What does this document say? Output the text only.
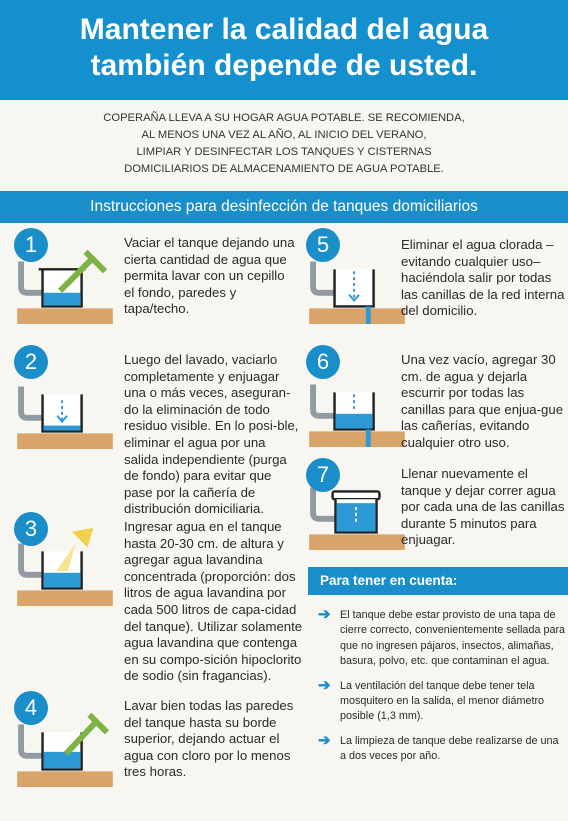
Mantener la calidad del agua
también depende de usted.
COPERAÑA LLEVA A SU HOGAR AGUA POTABLE. SE RECOMIENDA,
AL MENOS UNA VEZ AL AÑO, AL INICIO DEL VERANO,
LIMPIAR Y DESINFECTAR LOS TANQUES Y CISTERNAS
DOMICILIARIOS DE ALMACENAMIENTO DE AGUA POTABLE.
Instrucciones para desinfección de tanques domiciliarios
1	Vaciar el tanque dejando una cierta cantidad de agua que permita lavar con un cepillo el fondo, paredes y tapa/techo.
2	Luego del lavado, vaciarlo completamente y enjuagar una o más veces, aseguran-do la eliminación de todo residuo visible. En lo posi-ble, eliminar el agua por una salida independiente (purga de fondo) para evitar que pase por la cañería de distribución domiciliaria.
3	Ingresar agua en el tanque hasta 20-30 cm. de altura y agregar agua lavandina concentrada (proporción: dos litros de agua lavandina por cada 500 litros de capa-cidad del tanque). Utilizar solamente agua lavandina que contenga en su compo-sición hipoclorito de sodio (sin fragancias).
4	Lavar bien todas las paredes del tanque hasta su borde superior, dejando actuar el agua con cloro por lo menos tres horas.
5	Eliminar el agua clorada –evitando cualquier uso– haciéndola salir por todas las canillas de la red interna del domicilio.
6	Una vez vacío, agregar 30 cm. de agua y dejarla escurrir por todas las canillas para que enjua-gue las cañerías, evitando cualquier otro uso.
7	Llenar nuevamente el tanque y dejar correr agua por cada una de las canillas durante 5 minutos para enjuagar.
Para tener en cuenta:
➔ El tanque debe estar provisto de una tapa de cierre correcto, convenientemente sellada para que no ingresen pájaros, insectos, alimañas, basura, polvo, etc. que contaminan el agua.
➔ La ventilación del tanque debe tener tela mosquitero en la salida, el menor diámetro posible (1,3 mm).
➔ La limpieza de tanque debe realizarse de una a dos veces por año.
